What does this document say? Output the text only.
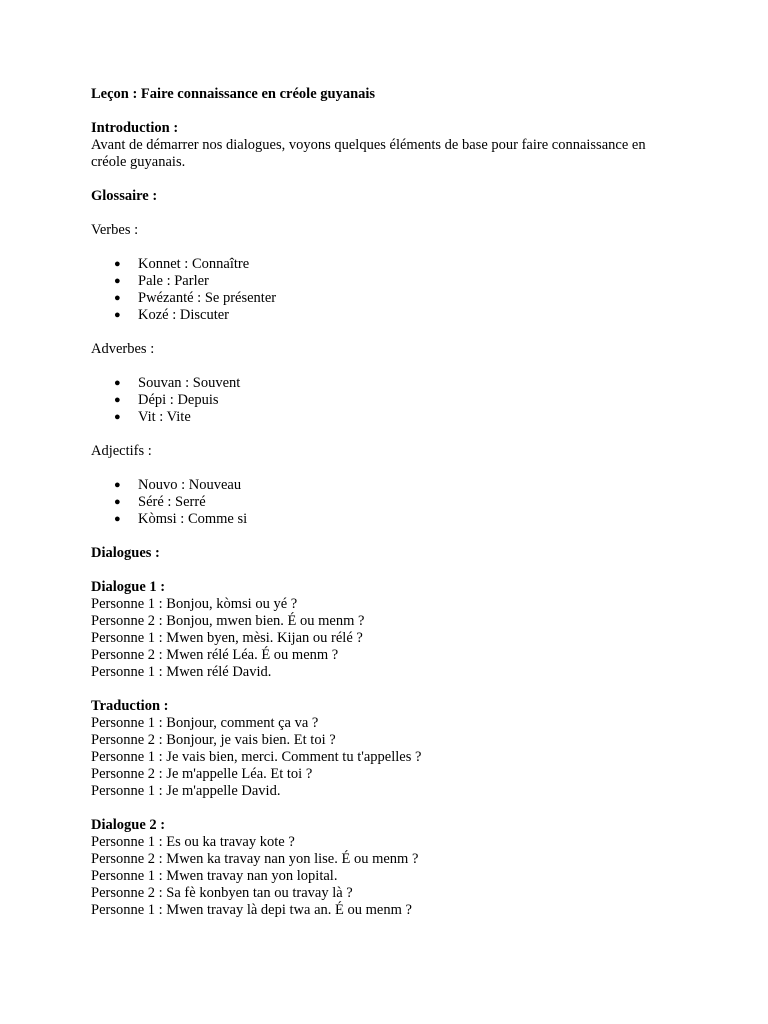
Leçon : Faire connaissance en créole guyanais

Introduction :

Avant de démarrer nos dialogues, voyons quelques éléments de base pour faire connaissance en créole guyanais.

Glossaire :

Verbes :

● Konnet : Connaître
● Pale : Parler
● Pwézanté : Se présenter
● Kozé : Discuter

Adverbes :

● Souvan : Souvent
● Dépi : Depuis
● Vit : Vite

Adjectifs :

● Nouvo : Nouveau
● Séré : Serré
● Kòmsi : Comme si

Dialogues :

Dialogue 1 :

Personne 1 : Bonjou, kòmsi ou yé ?

Personne 2 : Bonjou, mwen bien. É ou menm ?

Personne 1 : Mwen byen, mèsi. Kijan ou rélé ?

Personne 2 : Mwen rélé Léa. É ou menm ?

Personne 1 : Mwen rélé David.

Traduction :

Personne 1 : Bonjour, comment ça va ?

Personne 2 : Bonjour, je vais bien. Et toi ?

Personne 1 : Je vais bien, merci. Comment tu t'appelles ?

Personne 2 : Je m'appelle Léa. Et toi ?

Personne 1 : Je m'appelle David.

Dialogue 2 :

Personne 1 : Es ou ka travay kote ?

Personne 2 : Mwen ka travay nan yon lise. É ou menm ?

Personne 1 : Mwen travay nan yon lopital.

Personne 2 : Sa fè konbyen tan ou travay là ?

Personne 1 : Mwen travay là depi twa an. É ou menm ?
